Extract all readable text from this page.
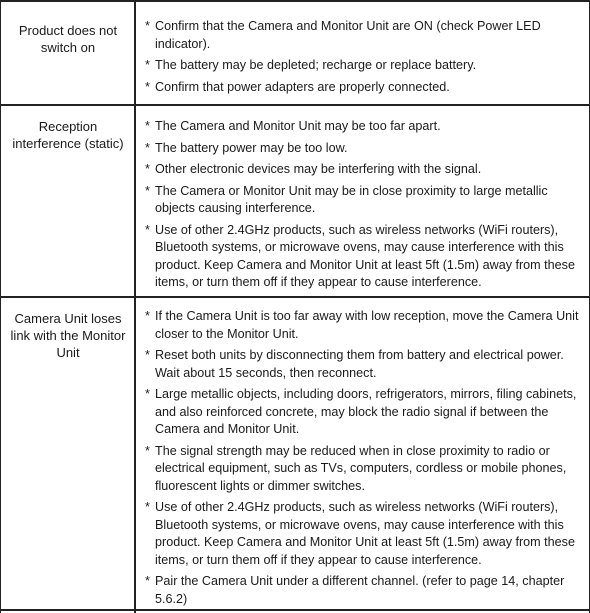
Product does not switch on
* Confirm that the Camera and Monitor Unit are ON (check Power LED indicator).
* The battery may be depleted; recharge or replace battery.
* Confirm that power adapters are properly connected.
Reception interference (static)
* The Camera and Monitor Unit may be too far apart.
* The battery power may be too low.
* Other electronic devices may be interfering with the signal.
* The Camera or Monitor Unit may be in close proximity to large metallic objects causing interference.
* Use of other 2.4GHz products, such as wireless networks (WiFi routers), Bluetooth systems, or microwave ovens, may cause interference with this product. Keep Camera and Monitor Unit at least 5ft (1.5m) away from these items, or turn them off if they appear to cause interference.
Camera Unit loses link with the Monitor Unit
* If the Camera Unit is too far away with low reception, move the Camera Unit closer to the Monitor Unit.
* Reset both units by disconnecting them from battery and electrical power. Wait about 15 seconds, then reconnect.
* Large metallic objects, including doors, refrigerators, mirrors, filing cabinets, and also reinforced concrete, may block the radio signal if between the Camera and Monitor Unit.
* The signal strength may be reduced when in close proximity to radio or electrical equipment, such as TVs, computers, cordless or mobile phones, fluorescent lights or dimmer switches.
* Use of other 2.4GHz products, such as wireless networks (WiFi routers), Bluetooth systems, or microwave ovens, may cause interference with this product. Keep Camera and Monitor Unit at least 5ft (1.5m) away from these items, or turn them off if they appear to cause interference.
* Pair the Camera Unit under a different channel. (refer to page 14, chapter 5.6.2)
